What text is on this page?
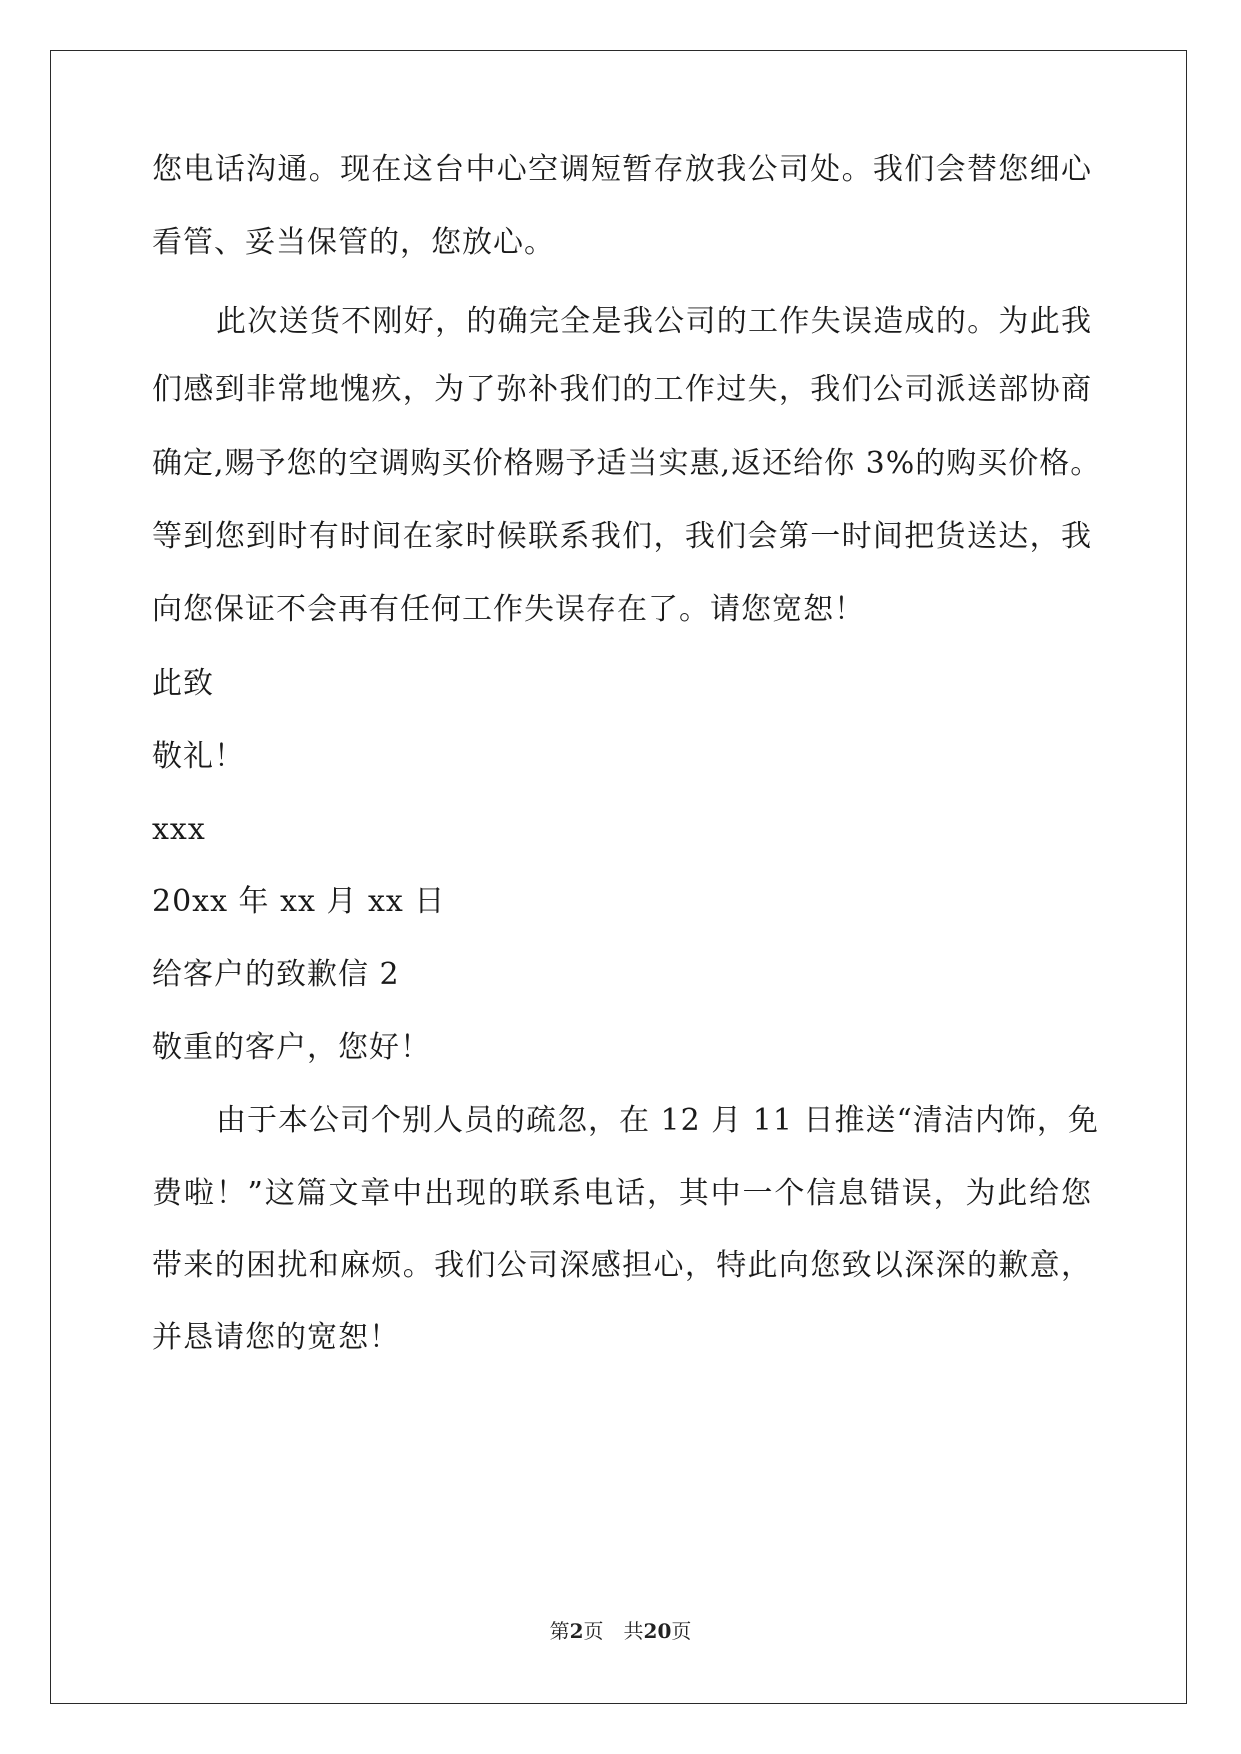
您电话沟通。现在这台中心空调短暂存放我公司处。我们会替您细心
看管、妥当保管的，您放心。
此次送货不刚好，的确完全是我公司的工作失误造成的。为此我
们感到非常地愧疚，为了弥补我们的工作过失，我们公司派送部协商
确定,赐予您的空调购买价格赐予适当实惠,返还给你 3%的购买价格。
等到您到时有时间在家时候联系我们，我们会第一时间把货送达，我
向您保证不会再有任何工作失误存在了。请您宽恕！
此致
敬礼！
xxx
20xx 年 xx 月 xx 日
给客户的致歉信 2
敬重的客户，您好！
由于本公司个别人员的疏忽，在 12 月 11 日推送“清洁内饰，免
费啦！”这篇文章中出现的联系电话，其中一个信息错误，为此给您
带来的困扰和麻烦。我们公司深感担心，特此向您致以深深的歉意，
并恳请您的宽恕！
第2页 共20页
